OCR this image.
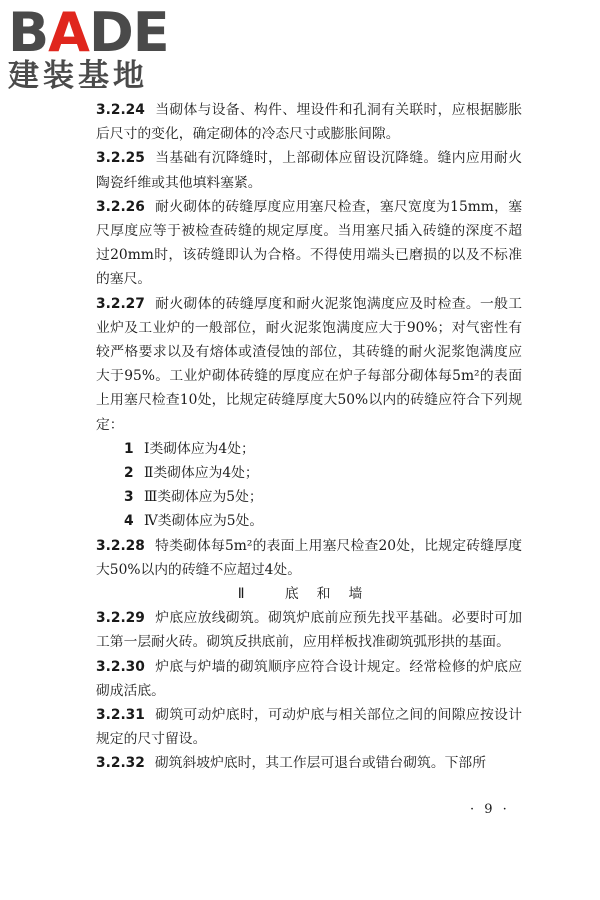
BADE
建装基地

3.2.24 当砌体与设备、构件、埋设件和孔洞有关联时，应根据膨胀后尺寸的变化，确定砌体的冷态尺寸或膨胀间隙。

3.2.25 当基础有沉降缝时，上部砌体应留设沉降缝。缝内应用耐火陶瓷纤维或其他填料塞紧。

3.2.26 耐火砌体的砖缝厚度应用塞尺检查，塞尺宽度为15mm，塞尺厚度应等于被检查砖缝的规定厚度。当用塞尺插入砖缝的深度不超过20mm时，该砖缝即认为合格。不得使用端头已磨损的以及不标准的塞尺。

3.2.27 耐火砌体的砖缝厚度和耐火泥浆饱满度应及时检查。一般工业炉及工业炉的一般部位，耐火泥浆饱满度应大于90%；对气密性有较严格要求以及有熔体或渣侵蚀的部位，其砖缝的耐火泥浆饱满度应大于95%。工业炉砌体砖缝的厚度应在炉子每部分砌体每5m²的表面上用塞尺检查10处，比规定砖缝厚度大50%以内的砖缝应符合下列规定：

1 Ⅰ类砌体应为4处；

2 Ⅱ类砌体应为4处；

3 Ⅲ类砌体应为5处；

4 Ⅳ类砌体应为5处。

3.2.28 特类砌体每5m²的表面上用塞尺检查20处，比规定砖缝厚度大50%以内的砖缝不应超过4处。

Ⅱ 底和墙

3.2.29 炉底应放线砌筑。砌筑炉底前应预先找平基础。必要时可加工第一层耐火砖。砌筑反拱底前，应用样板找准砌筑弧形拱的基面。

3.2.30 炉底与炉墙的砌筑顺序应符合设计规定。经常检修的炉底应砌成活底。

3.2.31 砌筑可动炉底时，可动炉底与相关部位之间的间隙应按设计规定的尺寸留设。

3.2.32 砌筑斜坡炉底时，其工作层可退台或错台砌筑。下部所

· 9 ·
